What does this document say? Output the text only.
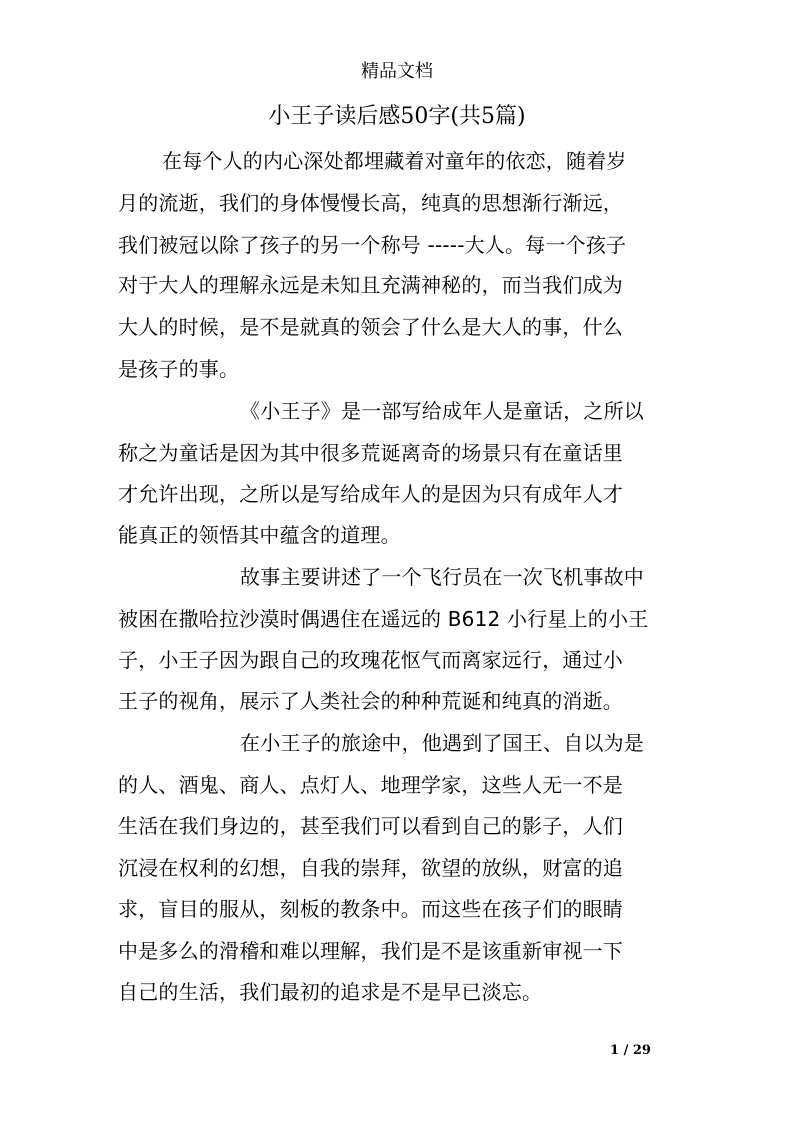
精品文档
小王子读后感50字(共5篇)
在每个人的内心深处都埋藏着对童年的依恋，随着岁
月的流逝，我们的身体慢慢长高，纯真的思想渐行渐远，
我们被冠以除了孩子的另一个称号 -----大人。每一个孩子
对于大人的理解永远是未知且充满神秘的，而当我们成为
大人的时候，是不是就真的领会了什么是大人的事，什么
是孩子的事。
《小王子》是一部写给成年人是童话，之所以
称之为童话是因为其中很多荒诞离奇的场景只有在童话里
才允许出现，之所以是写给成年人的是因为只有成年人才
能真正的领悟其中蕴含的道理。
故事主要讲述了一个飞行员在一次飞机事故中
被困在撒哈拉沙漠时偶遇住在遥远的 B612 小行星上的小王
子，小王子因为跟自己的玫瑰花怄气而离家远行，通过小
王子的视角，展示了人类社会的种种荒诞和纯真的消逝。
在小王子的旅途中，他遇到了国王、自以为是
的人、酒鬼、商人、点灯人、地理学家，这些人无一不是
生活在我们身边的，甚至我们可以看到自己的影子，人们
沉浸在权利的幻想，自我的崇拜，欲望的放纵，财富的追
求，盲目的服从，刻板的教条中。而这些在孩子们的眼睛
中是多么的滑稽和难以理解，我们是不是该重新审视一下
自己的生活，我们最初的追求是不是早已淡忘。
1 / 29
